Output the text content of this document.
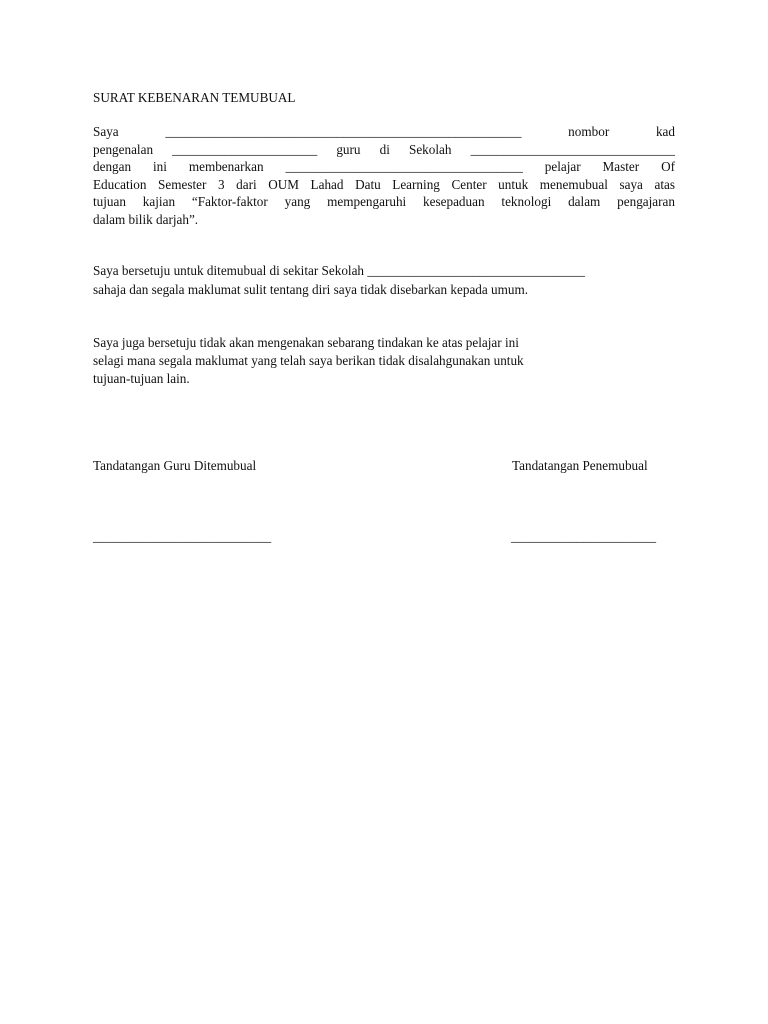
SURAT KEBENARAN TEMUBUAL
Saya ______________________________________________________ nombor kad
pengenalan ______________________ guru di Sekolah _______________________________
dengan ini membenarkan ____________________________________ pelajar Master Of
Education Semester 3 dari OUM Lahad Datu Learning Center untuk menemubual saya atas
tujuan kajian “Faktor-faktor yang mempengaruhi kesepaduan teknologi dalam pengajaran
dalam bilik darjah”.
Saya bersetuju untuk ditemubual di sekitar Sekolah _________________________________
sahaja dan segala maklumat sulit tentang diri saya tidak disebarkan kepada umum.
Saya juga bersetuju tidak akan mengenakan sebarang tindakan ke atas pelajar ini
selagi mana segala maklumat yang telah saya berikan tidak disalahgunakan untuk
tujuan-tujuan lain.
Tandatangan Guru Ditemubual	Tandatangan Penemubual
___________________________	______________________
